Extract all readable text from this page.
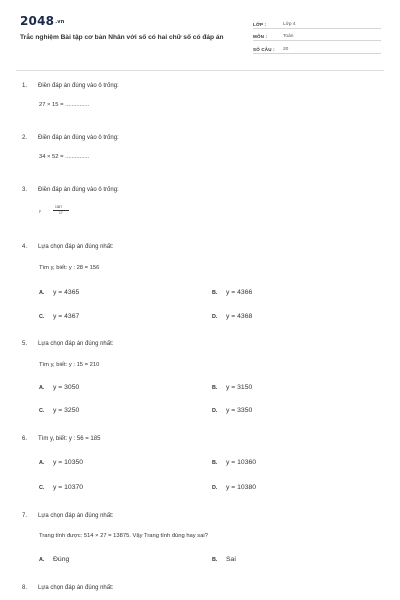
2048.vn
Trắc nghiệm Bài tập cơ bản Nhân với số có hai chữ số có đáp án
LỚP :	Lớp 4
MÔN :	Toán
SỐ CÂU :	20
1. Điền đáp án đúng vào ô trống:
27 × 15 = ...............
2. Điền đáp án đúng vào ô trống:
34 × 52 = ...............
3. Điền đáp án đúng vào ô trống:
y
1367
17
4. Lựa chọn đáp án đúng nhất:
Tìm y, biết: y : 28 = 156
A. y = 4365	B. y = 4366
C. y = 4367	D. y = 4368
5. Lựa chọn đáp án đúng nhất:
Tìm y, biết: y : 15 = 210
A. y = 3050	B. y = 3150
C. y = 3250	D. y = 3350
6. Tìm y, biết: y : 56 = 185
A. y = 10350	B. y = 10360
C. y = 10370	D. y = 10380
7. Lựa chọn đáp án đúng nhất:
Trang tính được: 514 × 27 = 13875. Vậy Trang tính đúng hay sai?
A. Đúng	B. Sai
8. Lựa chọn đáp án đúng nhất:
